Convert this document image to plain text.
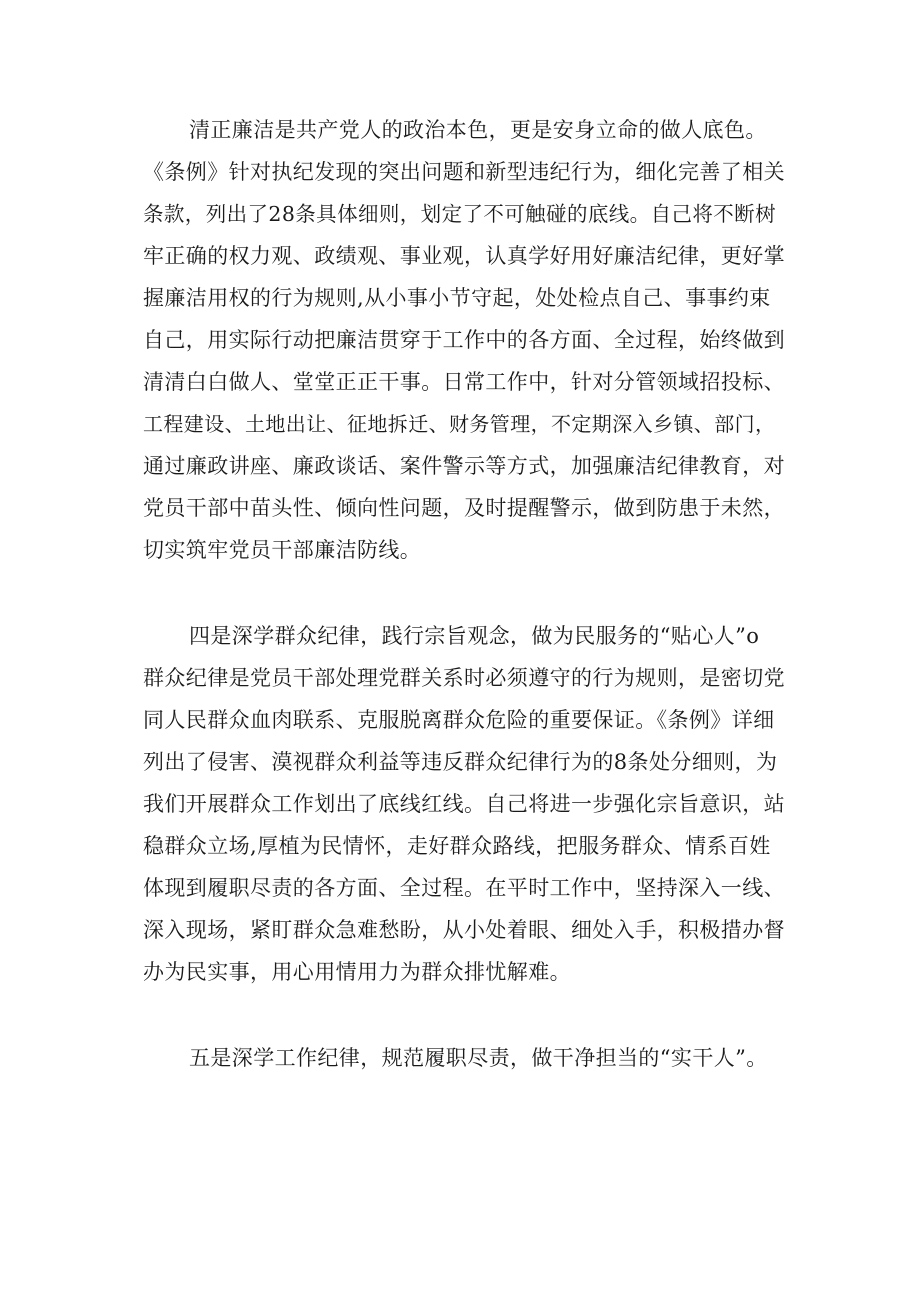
清正廉洁是共产党人的政治本色，更是安身立命的做人底色。
《条例》针对执纪发现的突出问题和新型违纪行为，细化完善了相关
条款，列出了28条具体细则，划定了不可触碰的底线。自己将不断树
牢正确的权力观、政绩观、事业观，认真学好用好廉洁纪律，更好掌
握廉洁用权的行为规则,从小事小节守起，处处检点自己、事事约束
自己，用实际行动把廉洁贯穿于工作中的各方面、全过程，始终做到
清清白白做人、堂堂正正干事。日常工作中，针对分管领域招投标、
工程建设、土地出让、征地拆迁、财务管理，不定期深入乡镇、部门，
通过廉政讲座、廉政谈话、案件警示等方式，加强廉洁纪律教育，对
党员干部中苗头性、倾向性问题，及时提醒警示，做到防患于未然，
切实筑牢党员干部廉洁防线。
四是深学群众纪律，践行宗旨观念，做为民服务的“贴心人”o
群众纪律是党员干部处理党群关系时必须遵守的行为规则，是密切党
同人民群众血肉联系、克服脱离群众危险的重要保证。《条例》详细
列出了侵害、漠视群众利益等违反群众纪律行为的8条处分细则，为
我们开展群众工作划出了底线红线。自己将进一步强化宗旨意识，站
稳群众立场,厚植为民情怀，走好群众路线，把服务群众、情系百姓
体现到履职尽责的各方面、全过程。在平时工作中，坚持深入一线、
深入现场，紧盯群众急难愁盼，从小处着眼、细处入手，积极措办督
办为民实事，用心用情用力为群众排忧解难。
五是深学工作纪律，规范履职尽责，做干净担当的“实干人”。
